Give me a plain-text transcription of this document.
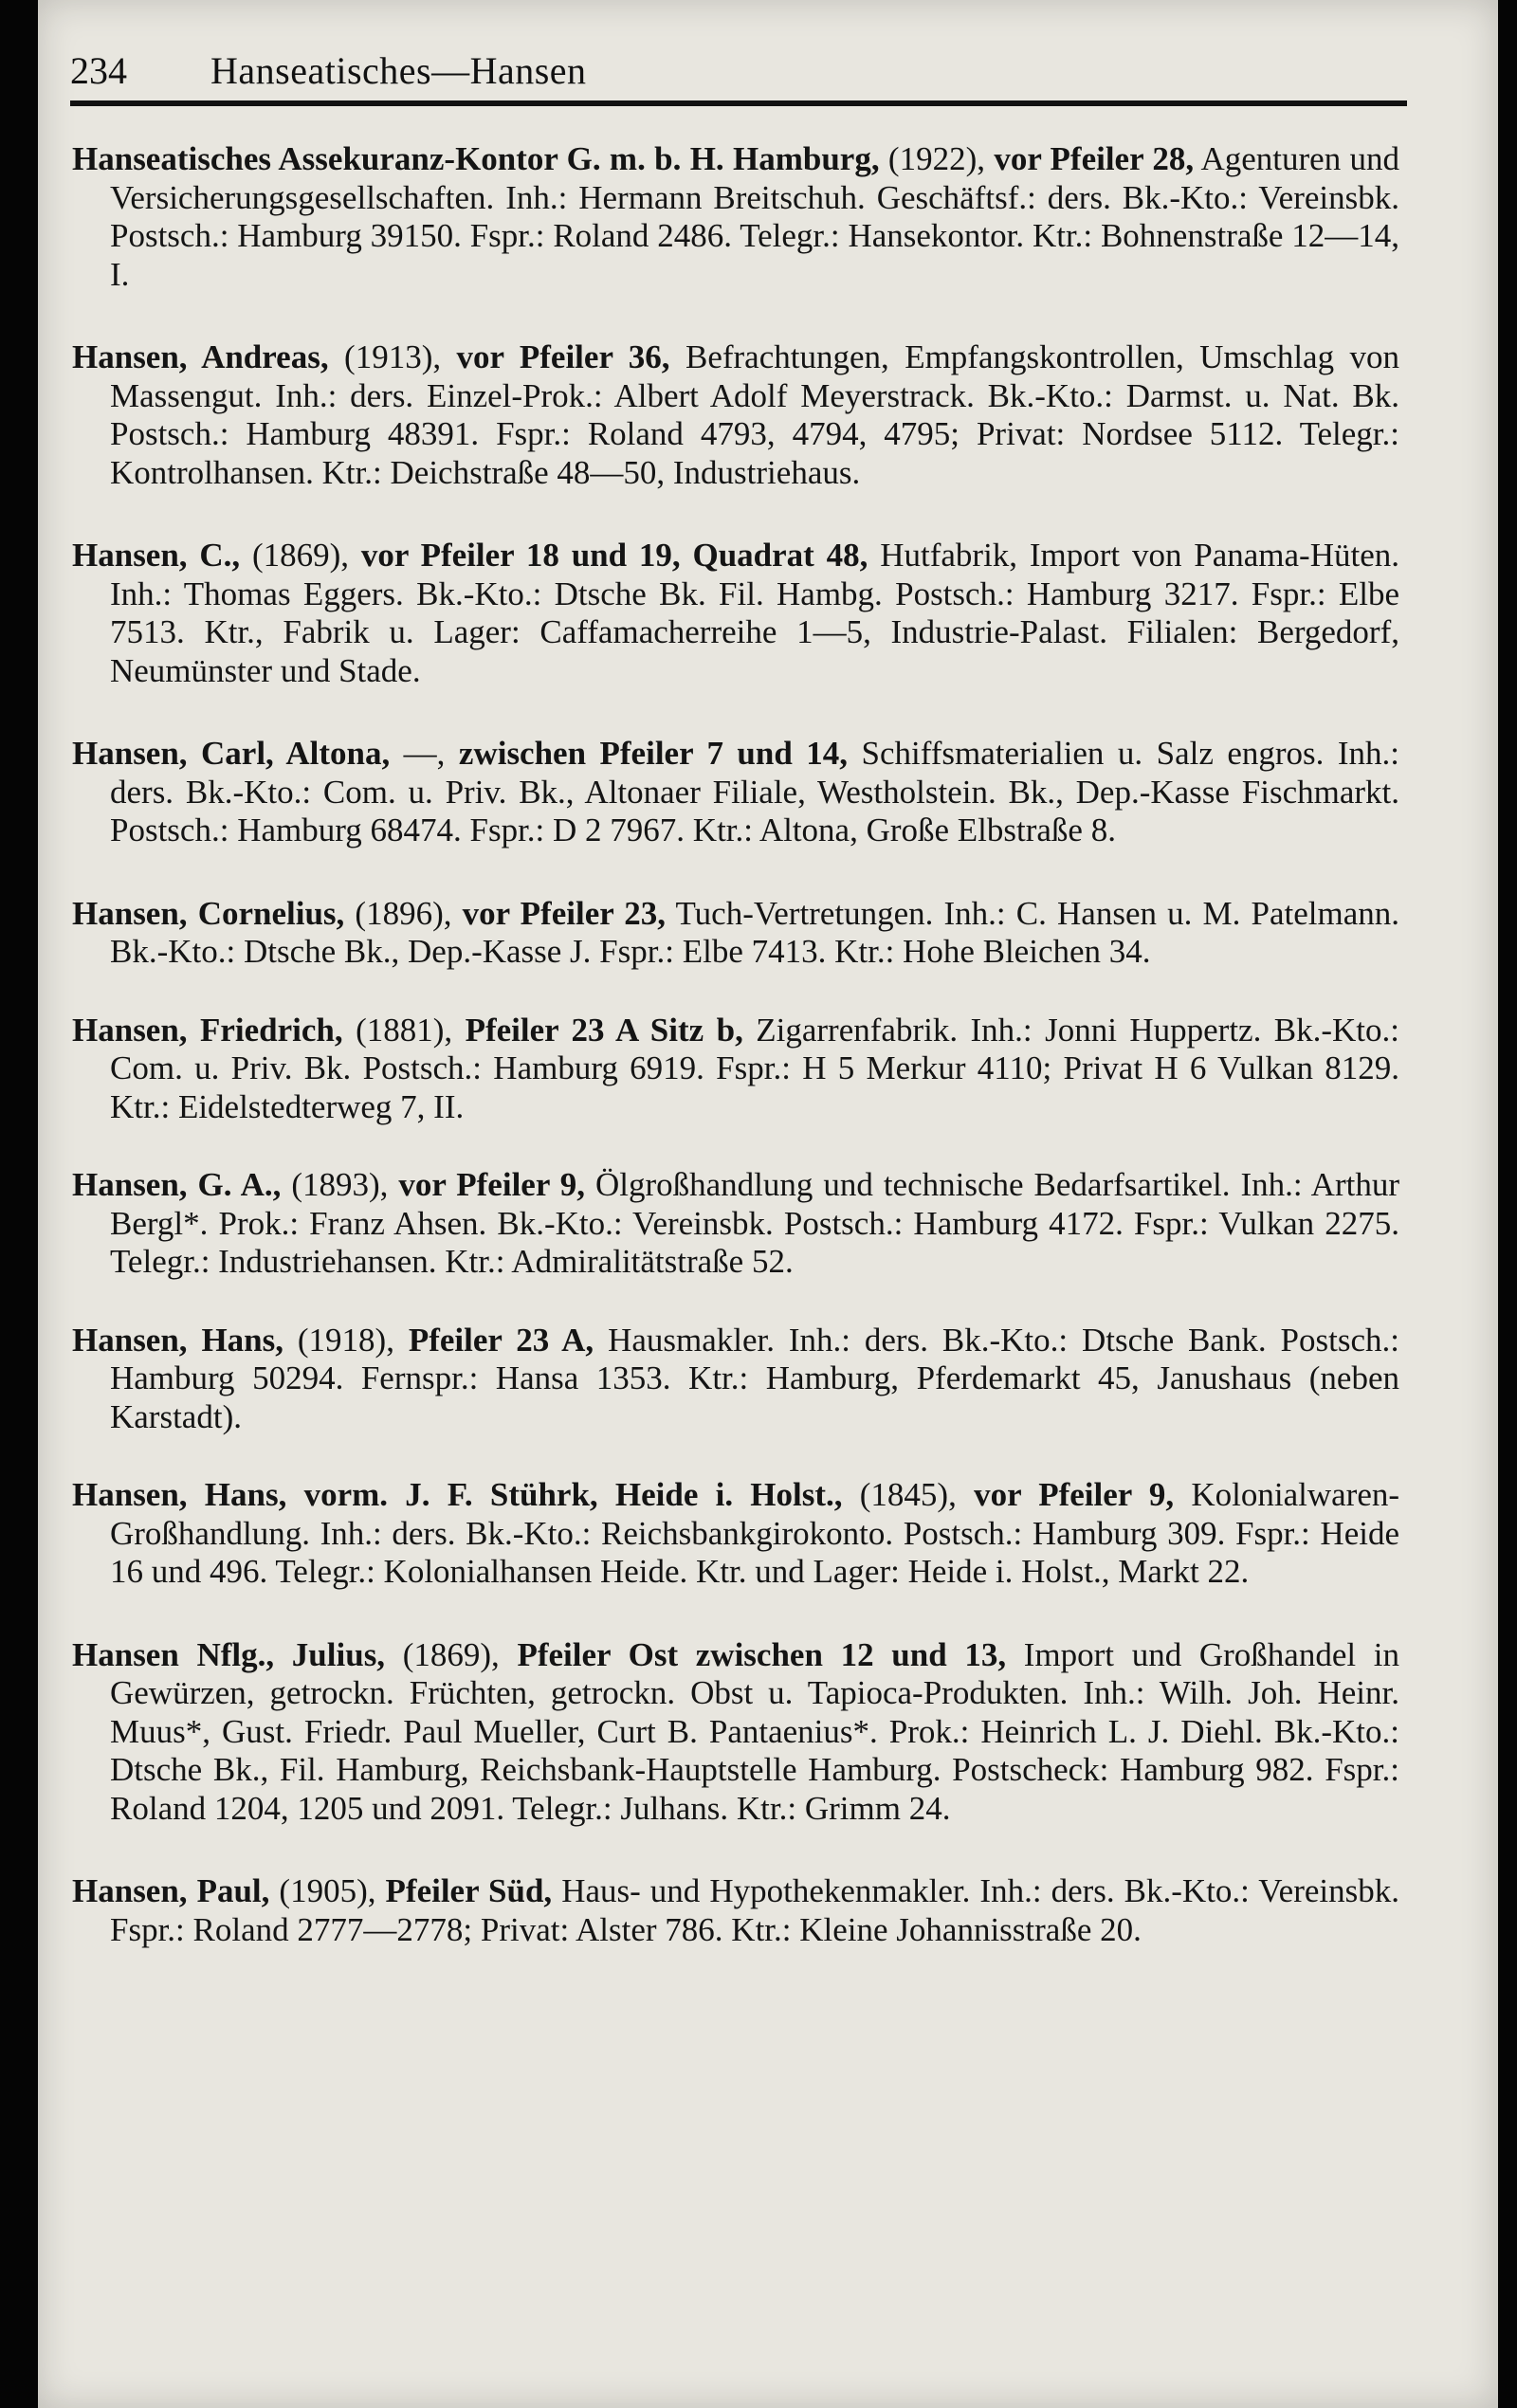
234	Hanseatisches—Hansen

Hanseatisches Assekuranz-Kontor G. m. b. H. Hamburg, (1922), vor Pfeiler 28, Agenturen und Versicherungsgesellschaften. Inh.: Hermann Breitschuh. Geschäftsf.: ders. Bk.-Kto.: Vereinsbk. Postsch.: Hamburg 39150. Fspr.: Roland 2486. Telegr.: Hansekontor. Ktr.: Bohnenstraße 12—14, I.

Hansen, Andreas, (1913), vor Pfeiler 36, Befrachtungen, Empfangskontrollen, Umschlag von Massengut. Inh.: ders. Einzel-Prok.: Albert Adolf Meyerstrack. Bk.-Kto.: Darmst. u. Nat. Bk. Postsch.: Hamburg 48391. Fspr.: Roland 4793, 4794, 4795; Privat: Nordsee 5112. Telegr.: Kontrolhansen. Ktr.: Deichstraße 48—50, Industriehaus.

Hansen, C., (1869), vor Pfeiler 18 und 19, Quadrat 48, Hutfabrik, Import von Panama-Hüten. Inh.: Thomas Eggers. Bk.-Kto.: Dtsche Bk. Fil. Hambg. Postsch.: Hamburg 3217. Fspr.: Elbe 7513. Ktr., Fabrik u. Lager: Caffamacherreihe 1—5, Industrie-Palast. Filialen: Bergedorf, Neumünster und Stade.

Hansen, Carl, Altona, —, zwischen Pfeiler 7 und 14, Schiffsmaterialien u. Salz engros. Inh.: ders. Bk.-Kto.: Com. u. Priv. Bk., Altonaer Filiale, Westholstein. Bk., Dep.-Kasse Fischmarkt. Postsch.: Hamburg 68474. Fspr.: D 2 7967. Ktr.: Altona, Große Elbstraße 8.

Hansen, Cornelius, (1896), vor Pfeiler 23, Tuch-Vertretungen. Inh.: C. Hansen u. M. Patelmann. Bk.-Kto.: Dtsche Bk., Dep.-Kasse J. Fspr.: Elbe 7413. Ktr.: Hohe Bleichen 34.

Hansen, Friedrich, (1881), Pfeiler 23 A Sitz b, Zigarrenfabrik. Inh.: Jonni Huppertz. Bk.-Kto.: Com. u. Priv. Bk. Postsch.: Hamburg 6919. Fspr.: H 5 Merkur 4110; Privat H 6 Vulkan 8129. Ktr.: Eidelstedterweg 7, II.

Hansen, G. A., (1893), vor Pfeiler 9, Ölgroßhandlung und technische Bedarfsartikel. Inh.: Arthur Bergl*. Prok.: Franz Ahsen. Bk.-Kto.: Vereinsbk. Postsch.: Hamburg 4172. Fspr.: Vulkan 2275. Telegr.: Industriehansen. Ktr.: Admiralitätstraße 52.

Hansen, Hans, (1918), Pfeiler 23 A, Hausmakler. Inh.: ders. Bk.-Kto.: Dtsche Bank. Postsch.: Hamburg 50294. Fernspr.: Hansa 1353. Ktr.: Hamburg, Pferdemarkt 45, Janushaus (neben Karstadt).

Hansen, Hans, vorm. J. F. Stührk, Heide i. Holst., (1845), vor Pfeiler 9, Kolonialwaren-Großhandlung. Inh.: ders. Bk.-Kto.: Reichsbankgirokonto. Postsch.: Hamburg 309. Fspr.: Heide 16 und 496. Telegr.: Kolonialhansen Heide. Ktr. und Lager: Heide i. Holst., Markt 22.

Hansen Nflg., Julius, (1869), Pfeiler Ost zwischen 12 und 13, Import und Großhandel in Gewürzen, getrockn. Früchten, getrockn. Obst u. Tapioca-Produkten. Inh.: Wilh. Joh. Heinr. Muus*, Gust. Friedr. Paul Mueller, Curt B. Pantaenius*. Prok.: Heinrich L. J. Diehl. Bk.-Kto.: Dtsche Bk., Fil. Hamburg, Reichsbank-Hauptstelle Hamburg. Postscheck: Hamburg 982. Fspr.: Roland 1204, 1205 und 2091. Telegr.: Julhans. Ktr.: Grimm 24.

Hansen, Paul, (1905), Pfeiler Süd, Haus- und Hypothekenmakler. Inh.: ders. Bk.-Kto.: Vereinsbk. Fspr.: Roland 2777—2778; Privat: Alster 786. Ktr.: Kleine Johannisstraße 20.
